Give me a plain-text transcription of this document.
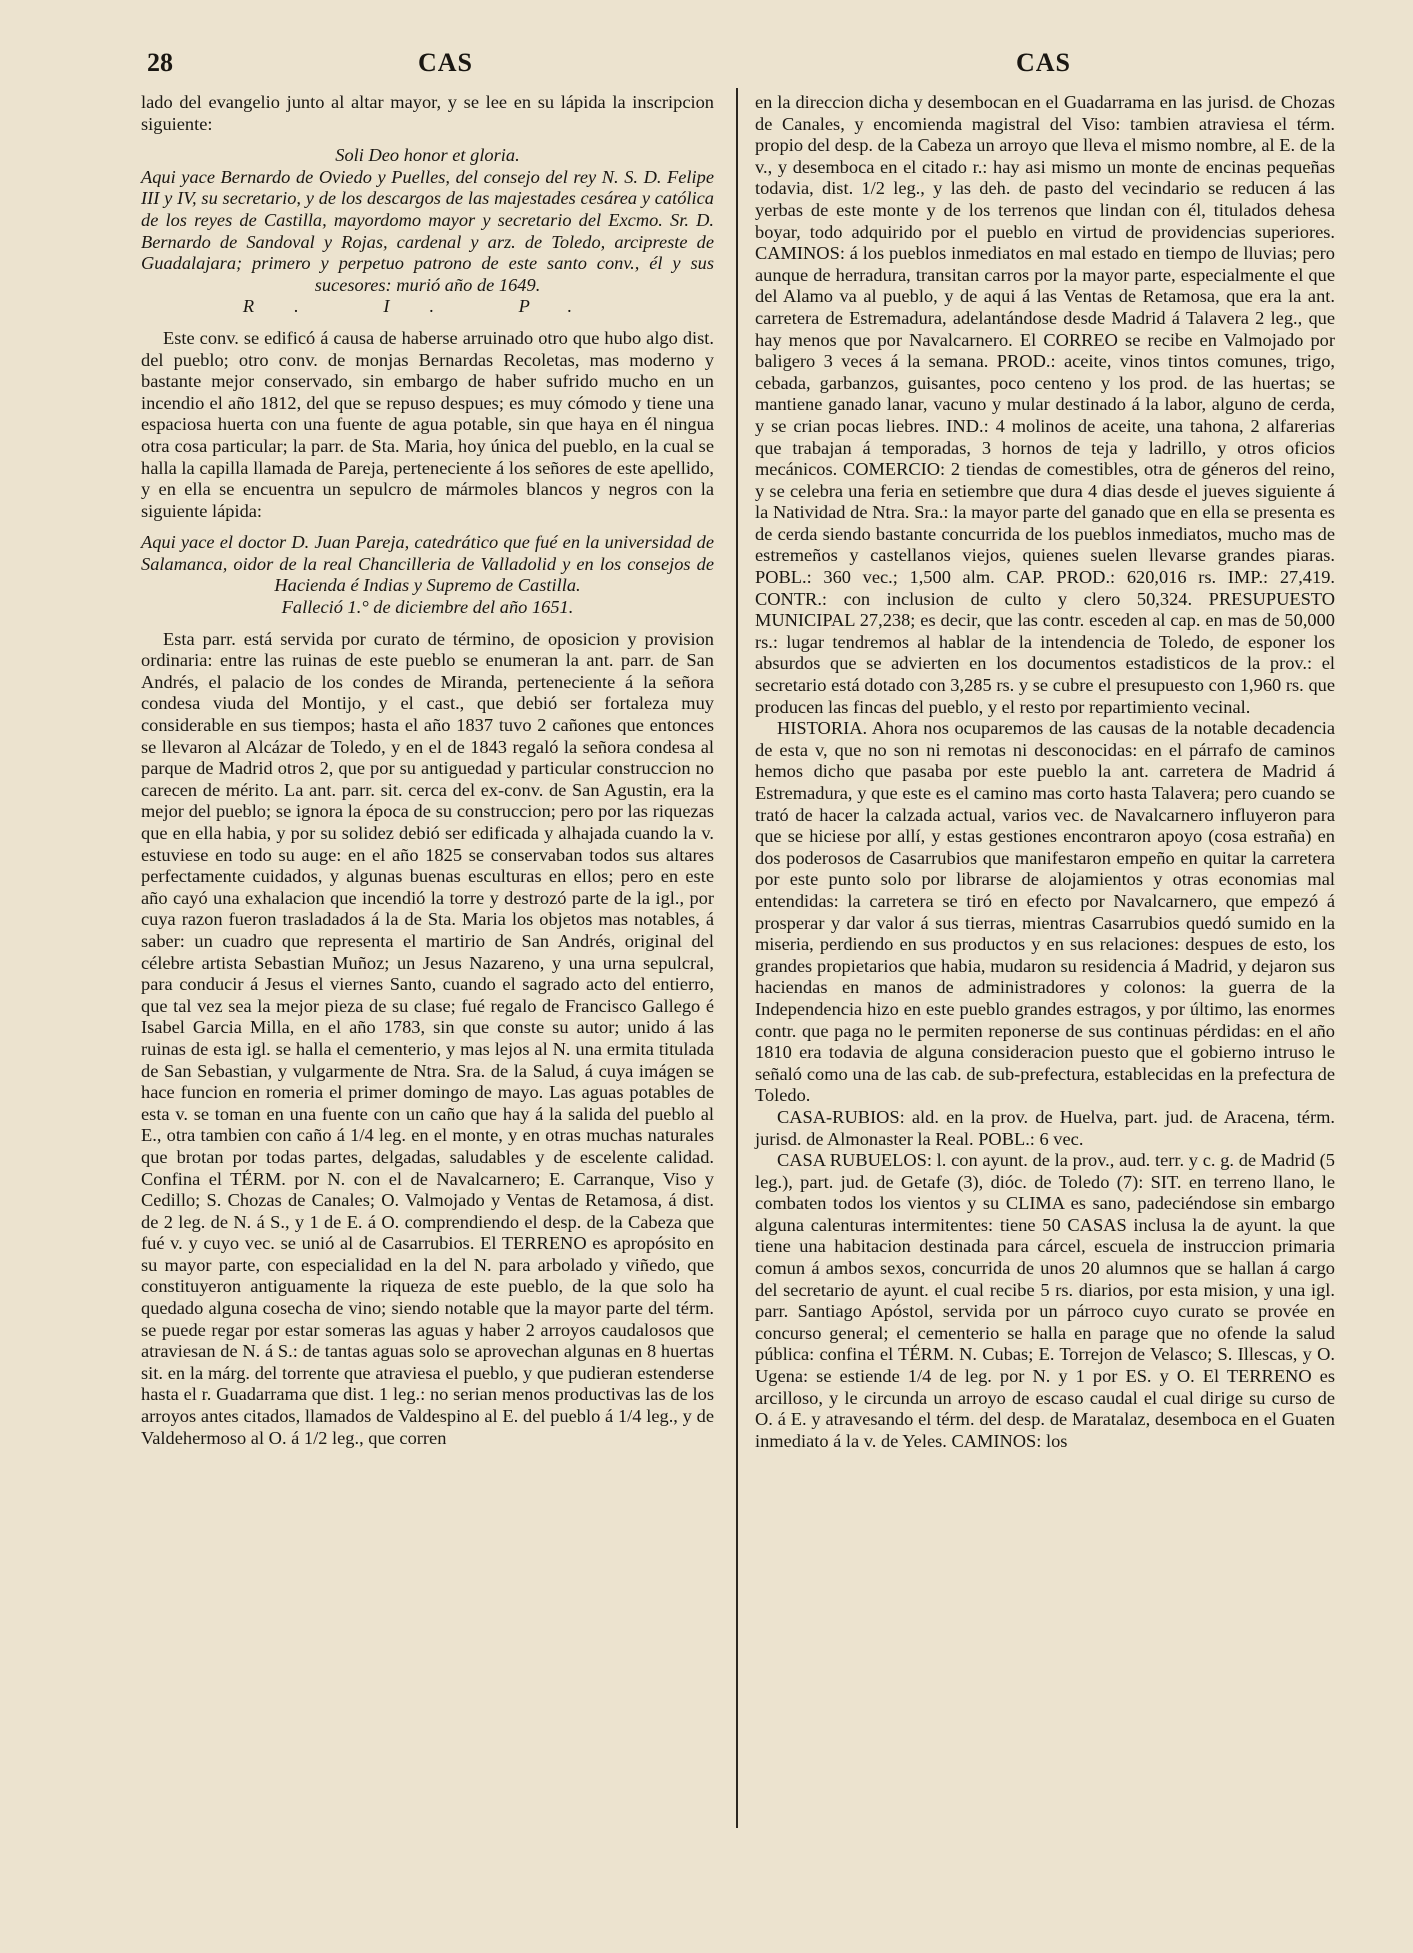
28	CAS	CAS

lado del evangelio junto al altar mayor, y se lee en su lápida la inscripcion siguiente:

Soli Deo honor et gloria.

Aqui yace Bernardo de Oviedo y Puelles, del consejo del rey N. S. D. Felipe III y IV, su secretario, y de los descargos de las majestades cesárea y católica de los reyes de Castilla, mayordomo mayor y secretario del Excmo. Sr. D. Bernardo de Sandoval y Rojas, cardenal y arz. de Toledo, arcipreste de Guadalajara; primero y perpetuo patrono de este santo conv., él y sus sucesores: murió año de 1649.

R. I. P.

Este conv. se edificó á causa de haberse arruinado otro que hubo algo dist. del pueblo; otro conv. de monjas Bernardas Recoletas, mas moderno y bastante mejor conservado, sin embargo de haber sufrido mucho en un incendio el año 1812, del que se repuso despues; es muy cómodo y tiene una espaciosa huerta con una fuente de agua potable, sin que haya en él ningua otra cosa particular; la parr. de Sta. Maria, hoy única del pueblo, en la cual se halla la capilla llamada de Pareja, perteneciente á los señores de este apellido, y en ella se encuentra un sepulcro de mármoles blancos y negros con la siguiente lápida:

Aqui yace el doctor D. Juan Pareja, catedrático que fué en la universidad de Salamanca, oidor de la real Chancilleria de Valladolid y en los consejos de Hacienda é Indias y Supremo de Castilla.

Falleció 1.° de diciembre del año 1651.

Esta parr. está servida por curato de término, de oposicion y provision ordinaria: entre las ruinas de este pueblo se enumeran la ant. parr. de San Andrés, el palacio de los condes de Miranda, perteneciente á la señora condesa viuda del Montijo, y el cast., que debió ser fortaleza muy considerable en sus tiempos; hasta el año 1837 tuvo 2 cañones que entonces se llevaron al Alcázar de Toledo, y en el de 1843 regaló la señora condesa al parque de Madrid otros 2, que por su antiguedad y particular construccion no carecen de mérito. La ant. parr. sit. cerca del ex-conv. de San Agustin, era la mejor del pueblo; se ignora la época de su construccion; pero por las riquezas que en ella habia, y por su solidez debió ser edificada y alhajada cuando la v. estuviese en todo su auge: en el año 1825 se conservaban todos sus altares perfectamente cuidados, y algunas buenas esculturas en ellos; pero en este año cayó una exhalacion que incendió la torre y destrozó parte de la igl., por cuya razon fueron trasladados á la de Sta. Maria los objetos mas notables, á saber: un cuadro que representa el martirio de San Andrés, original del célebre artista Sebastian Muñoz; un Jesus Nazareno, y una urna sepulcral, para conducir á Jesus el viernes Santo, cuando el sagrado acto del entierro, que tal vez sea la mejor pieza de su clase; fué regalo de Francisco Gallego é Isabel Garcia Milla, en el año 1783, sin que conste su autor; unido á las ruinas de esta igl. se halla el cementerio, y mas lejos al N. una ermita titulada de San Sebastian, y vulgarmente de Ntra. Sra. de la Salud, á cuya imágen se hace funcion en romeria el primer domingo de mayo. Las aguas potables de esta v. se toman en una fuente con un caño que hay á la salida del pueblo al E., otra tambien con caño á 1/4 leg. en el monte, y en otras muchas naturales que brotan por todas partes, delgadas, saludables y de escelente calidad. Confina el TÉRM. por N. con el de Navalcarnero; E. Carranque, Viso y Cedillo; S. Chozas de Canales; O. Valmojado y Ventas de Retamosa, á dist. de 2 leg. de N. á S., y 1 de E. á O. comprendiendo el desp. de la Cabeza que fué v. y cuyo vec. se unió al de Casarrubios. El TERRENO es apropósito en su mayor parte, con especialidad en la del N. para arbolado y viñedo, que constituyeron antiguamente la riqueza de este pueblo, de la que solo ha quedado alguna cosecha de vino; siendo notable que la mayor parte del térm. se puede regar por estar someras las aguas y haber 2 arroyos caudalosos que atraviesan de N. á S.: de tantas aguas solo se aprovechan algunas en 8 huertas sit. en la márg. del torrente que atraviesa el pueblo, y que pudieran estenderse hasta el r. Guadarrama que dist. 1 leg.: no serian menos productivas las de los arroyos antes citados, llamados de Valdespino al E. del pueblo á 1/4 leg., y de Valdehermoso al O. á 1/2 leg., que corren

en la direccion dicha y desembocan en el Guadarrama en las jurisd. de Chozas de Canales, y encomienda magistral del Viso: tambien atraviesa el térm. propio del desp. de la Cabeza un arroyo que lleva el mismo nombre, al E. de la v., y desemboca en el citado r.: hay asi mismo un monte de encinas pequeñas todavia, dist. 1/2 leg., y las deh. de pasto del vecindario se reducen á las yerbas de este monte y de los terrenos que lindan con él, titulados dehesa boyar, todo adquirido por el pueblo en virtud de providencias superiores. CAMINOS: á los pueblos inmediatos en mal estado en tiempo de lluvias; pero aunque de herradura, transitan carros por la mayor parte, especialmente el que del Alamo va al pueblo, y de aqui á las Ventas de Retamosa, que era la ant. carretera de Estremadura, adelantándose desde Madrid á Talavera 2 leg., que hay menos que por Navalcarnero. El CORREO se recibe en Valmojado por baligero 3 veces á la semana. PROD.: aceite, vinos tintos comunes, trigo, cebada, garbanzos, guisantes, poco centeno y los prod. de las huertas; se mantiene ganado lanar, vacuno y mular destinado á la labor, alguno de cerda, y se crian pocas liebres. IND.: 4 molinos de aceite, una tahona, 2 alfarerias que trabajan á temporadas, 3 hornos de teja y ladrillo, y otros oficios mecánicos. COMERCIO: 2 tiendas de comestibles, otra de géneros del reino, y se celebra una feria en setiembre que dura 4 dias desde el jueves siguiente á la Natividad de Ntra. Sra.: la mayor parte del ganado que en ella se presenta es de cerda siendo bastante concurrida de los pueblos inmediatos, mucho mas de estremeños y castellanos viejos, quienes suelen llevarse grandes piaras. POBL.: 360 vec.; 1,500 alm. CAP. PROD.: 620,016 rs. IMP.: 27,419. CONTR.: con inclusion de culto y clero 50,324. PRESUPUESTO MUNICIPAL 27,238; es decir, que las contr. esceden al cap. en mas de 50,000 rs.: lugar tendremos al hablar de la intendencia de Toledo, de esponer los absurdos que se advierten en los documentos estadisticos de la prov.: el secretario está dotado con 3,285 rs. y se cubre el presupuesto con 1,960 rs. que producen las fincas del pueblo, y el resto por repartimiento vecinal.

HISTORIA. Ahora nos ocuparemos de las causas de la notable decadencia de esta v, que no son ni remotas ni desconocidas: en el párrafo de caminos hemos dicho que pasaba por este pueblo la ant. carretera de Madrid á Estremadura, y que este es el camino mas corto hasta Talavera; pero cuando se trató de hacer la calzada actual, varios vec. de Navalcarnero influyeron para que se hiciese por allí, y estas gestiones encontraron apoyo (cosa estraña) en dos poderosos de Casarrubios que manifestaron empeño en quitar la carretera por este punto solo por librarse de alojamientos y otras economias mal entendidas: la carretera se tiró en efecto por Navalcarnero, que empezó á prosperar y dar valor á sus tierras, mientras Casarrubios quedó sumido en la miseria, perdiendo en sus productos y en sus relaciones: despues de esto, los grandes propietarios que habia, mudaron su residencia á Madrid, y dejaron sus haciendas en manos de administradores y colonos: la guerra de la Independencia hizo en este pueblo grandes estragos, y por último, las enormes contr. que paga no le permiten reponerse de sus continuas pérdidas: en el año 1810 era todavia de alguna consideracion puesto que el gobierno intruso le señaló como una de las cab. de sub-prefectura, establecidas en la prefectura de Toledo.

CASA-RUBIOS: ald. en la prov. de Huelva, part. jud. de Aracena, térm. jurisd. de Almonaster la Real. POBL.: 6 vec.

CASA RUBUELOS: l. con ayunt. de la prov., aud. terr. y c. g. de Madrid (5 leg.), part. jud. de Getafe (3), dióc. de Toledo (7): SIT. en terreno llano, le combaten todos los vientos y su CLIMA es sano, padeciéndose sin embargo alguna calenturas intermitentes: tiene 50 CASAS inclusa la de ayunt. la que tiene una habitacion destinada para cárcel, escuela de instruccion primaria comun á ambos sexos, concurrida de unos 20 alumnos que se hallan á cargo del secretario de ayunt. el cual recibe 5 rs. diarios, por esta mision, y una igl. parr. Santiago Apóstol, servida por un párroco cuyo curato se provée en concurso general; el cementerio se halla en parage que no ofende la salud pública: confina el TÉRM. N. Cubas; E. Torrejon de Velasco; S. Illescas, y O. Ugena: se estiende 1/4 de leg. por N. y 1 por ES. y O. El TERRENO es arcilloso, y le circunda un arroyo de escaso caudal el cual dirige su curso de O. á E. y atravesando el térm. del desp. de Maratalaz, desemboca en el Guaten inmediato á la v. de Yeles. CAMINOS: los
